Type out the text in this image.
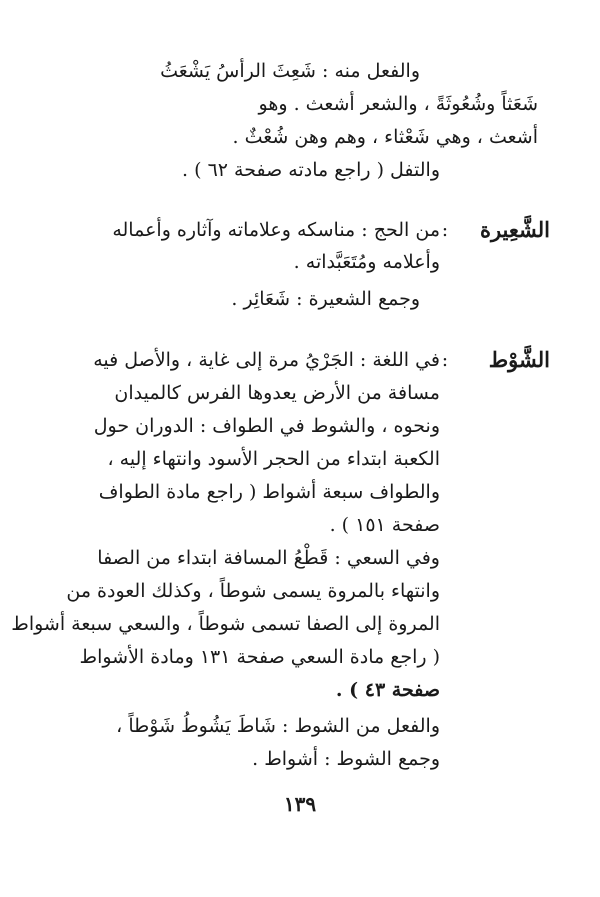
والفعل منه : شَعِثَ الرأسُ يَشْعَثُ
شَعَثاً وشُعُوثَةً ، والشعر أشعث . وهو
أشعث ، وهي شَعْثاء ، وهم وهن شُعْثٌ .
والتفل ( راجع مادته صفحة ٦٢ ) .
الشَّعِيرة
:
من الحج : مناسكه وعلاماته وآثاره وأعماله
وأعلامه ومُتَعَبَّداته .
وجمع الشعيرة : شَعَائِر .
الشَّوْط
:
في اللغة : الجَرْيُ مرة إلى غاية ، والأصل فيه
مسافة من الأرض يعدوها الفرس كالميدان
ونحوه ، والشوط في الطواف : الدوران حول
الكعبة ابتداء من الحجر الأسود وانتهاء إليه ،
والطواف سبعة أشواط ( راجع مادة الطواف
صفحة ١٥١ ) .
وفي السعي : قَطْعُ المسافة ابتداء من الصفا
وانتهاء بالمروة يسمى شوطاً ، وكذلك العودة من
المروة إلى الصفا تسمى شوطاً ، والسعي سبعة أشواط
( راجع مادة السعي صفحة ١٣١ ومادة الأشواط
صفحة ٤٣ ) .
والفعل من الشوط : شَاطَ يَشُوطُ شَوْطاً ،
وجمع الشوط : أشواط .
١٣٩
